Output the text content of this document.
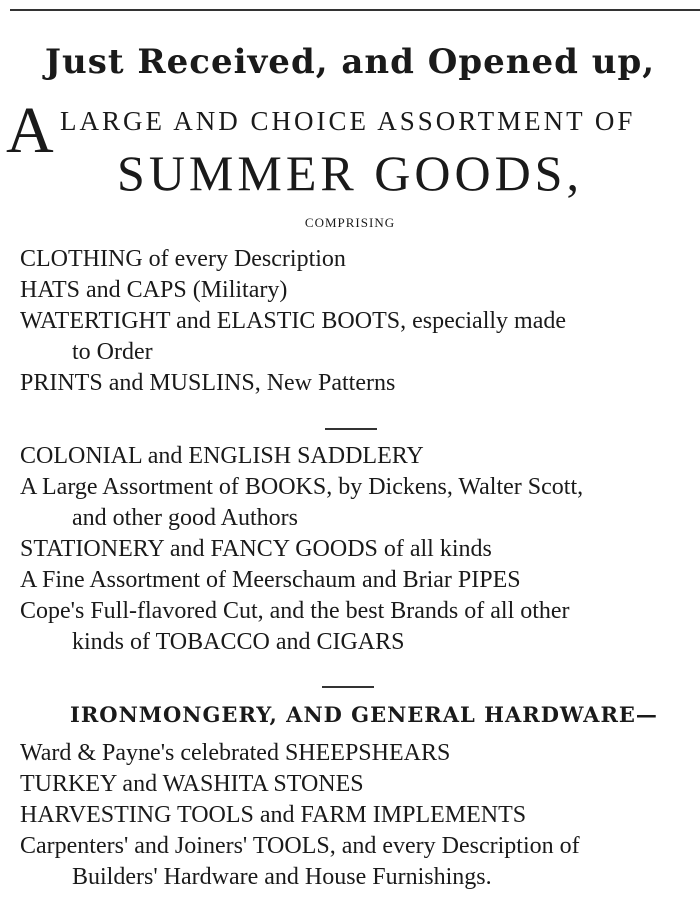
Just Received, and Opened up,
A LARGE AND CHOICE ASSORTMENT OF
SUMMER GOODS,
COMPRISING
CLOTHING of every Description
HATS and CAPS (Military)
WATERTIGHT and ELASTIC BOOTS, especially made
to Order
PRINTS and MUSLINS, New Patterns
COLONIAL and ENGLISH SADDLERY
A Large Assortment of BOOKS, by Dickens, Walter Scott,
and other good Authors
STATIONERY and FANCY GOODS of all kinds
A Fine Assortment of Meerschaum and Briar PIPES
Cope's Full-flavored Cut, and the best Brands of all other
kinds of TOBACCO and CIGARS
IRONMONGERY, AND GENERAL HARDWARE—
Ward & Payne's celebrated SHEEPSHEARS
TURKEY and WASHITA STONES
HARVESTING TOOLS and FARM IMPLEMENTS
Carpenters' and Joiners' TOOLS, and every Description of
Builders' Hardware and House Furnishings.
